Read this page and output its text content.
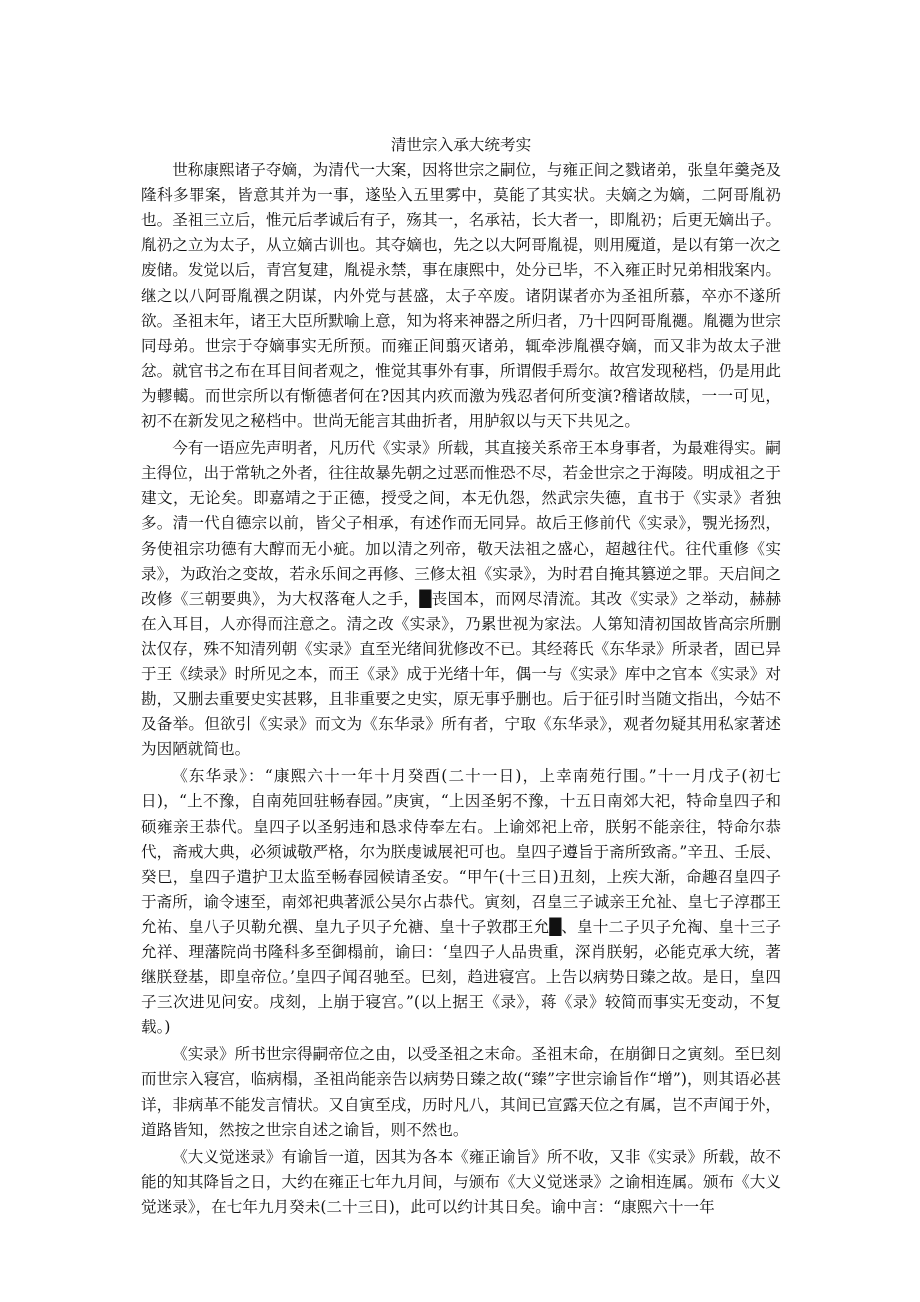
清世宗入承大统考实

世称康熙诸子夺嫡，为清代一大案，因将世宗之嗣位，与雍正间之戮诸弟，张皇年羹尧及隆科多罪案，皆意其并为一事，遂坠入五里雾中，莫能了其实状。夫嫡之为嫡，二阿哥胤礽也。圣祖三立后，惟元后孝诚后有子，殇其一，名承祜，长大者一，即胤礽；后更无嫡出子。胤礽之立为太子，从立嫡古训也。其夺嫡也，先之以大阿哥胤禔，则用魇道，是以有第一次之废储。发觉以后，青宫复建，胤禔永禁，事在康熙中，处分已毕，不入雍正时兄弟相戕案内。继之以八阿哥胤禩之阴谋，内外党与甚盛，太子卒废。诸阴谋者亦为圣祖所慕，卒亦不遂所欲。圣祖末年，诸王大臣所默喻上意，知为将来神器之所归者，乃十四阿哥胤禵。胤禵为世宗同母弟。世宗于夺嫡事实无所预。而雍正间翦灭诸弟，辄牵涉胤禩夺嫡，而又非为故太子泄忿。就官书之布在耳目间者观之，惟觉其事外有事，所谓假手焉尔。故宫发现秘档，仍是用此为轇轕。而世宗所以有惭德者何在?因其内疚而激为残忍者何所变演?稽诸故牍，一一可见，初不在新发见之秘档中。世尚无能言其曲折者，用胪叙以与天下共见之。

今有一语应先声明者，凡历代《实录》所载，其直接关系帝王本身事者，为最难得实。嗣主得位，出于常轨之外者，往往故暴先朝之过恶而惟恐不尽，若金世宗之于海陵。明成祖之于建文，无论矣。即嘉靖之于正德，授受之间，本无仇怨，然武宗失德，直书于《实录》者独多。清一代自德宗以前，皆父子相承，有述作而无同异。故后王修前代《实录》，覨光扬烈，务使祖宗功德有大醇而无小疵。加以清之列帝，敬天法祖之盛心，超越往代。往代重修《实录》，为政治之变故，若永乐间之再修、三修太祖《实录》，为时君自掩其篡逆之罪。天启间之改修《三朝要典》，为大权落奄人之手，█丧国本，而网尽清流。其改《实录》之举动，赫赫在入耳目，人亦得而注意之。清之改《实录》，乃累世视为家法。人第知清初国故皆高宗所删汰仅存，殊不知清列朝《实录》直至光绪间犹修改不已。其经蒋氏《东华录》所录者，固已异于王《续录》时所见之本，而王《录》成于光绪十年，偶一与《实录》库中之官本《实录》对勘，又删去重要史实甚夥，且非重要之史实，原无事乎删也。后于征引时当随文指出，今姑不及备举。但欲引《实录》而文为《东华录》所有者，宁取《东华录》，观者勿疑其用私家著述为因陋就简也。

《东华录》：“康熙六十一年十月癸酉(二十一日)，上幸南苑行围。”十一月戊子(初七日)，“上不豫，自南苑回驻畅春园。”庚寅，“上因圣躬不豫，十五日南郊大祀，特命皇四子和硕雍亲王恭代。皇四子以圣躬违和恳求侍奉左右。上谕郊祀上帝，朕躬不能亲往，特命尔恭代，斋戒大典，必须诚敬严格，尔为朕虔诚展祀可也。皇四子遵旨于斋所致斋。”辛丑、壬辰、癸巳，皇四子遣护卫太监至畅春园候请圣安。“甲午(十三日)丑刻，上疾大渐，命趣召皇四子于斋所，谕令速至，南郊祀典著派公吴尔占恭代。寅刻，召皇三子诚亲王允祉、皇七子淳郡王允祐、皇八子贝勒允禩、皇九子贝子允禟、皇十子敦郡王允█、皇十二子贝子允祹、皇十三子允祥、理藩院尚书隆科多至御榻前，谕曰：‘皇四子人品贵重，深肖朕躬，必能克承大统，著继朕登基，即皇帝位。’皇四子闻召驰至。巳刻，趋进寝宫。上告以病势日臻之故。是日，皇四子三次进见问安。戌刻，上崩于寝宫。”(以上据王《录》，蒋《录》较简而事实无变动，不复载。)

《实录》所书世宗得嗣帝位之由，以受圣祖之末命。圣祖末命，在崩御日之寅刻。至巳刻而世宗入寝宫，临病榻，圣祖尚能亲告以病势日臻之故(“臻”字世宗谕旨作“增”)，则其语必甚详，非病革不能发言情状。又自寅至戌，历时凡八，其间已宣露天位之有属，岂不声闻于外，道路皆知，然按之世宗自述之谕旨，则不然也。

《大义觉迷录》有谕旨一道，因其为各本《雍正谕旨》所不收，又非《实录》所载，故不能的知其降旨之日，大约在雍正七年九月间，与颁布《大义觉迷录》之谕相连属。颁布《大义觉迷录》，在七年九月癸未(二十三日)，此可以约计其日矣。谕中言：“康熙六十一年
